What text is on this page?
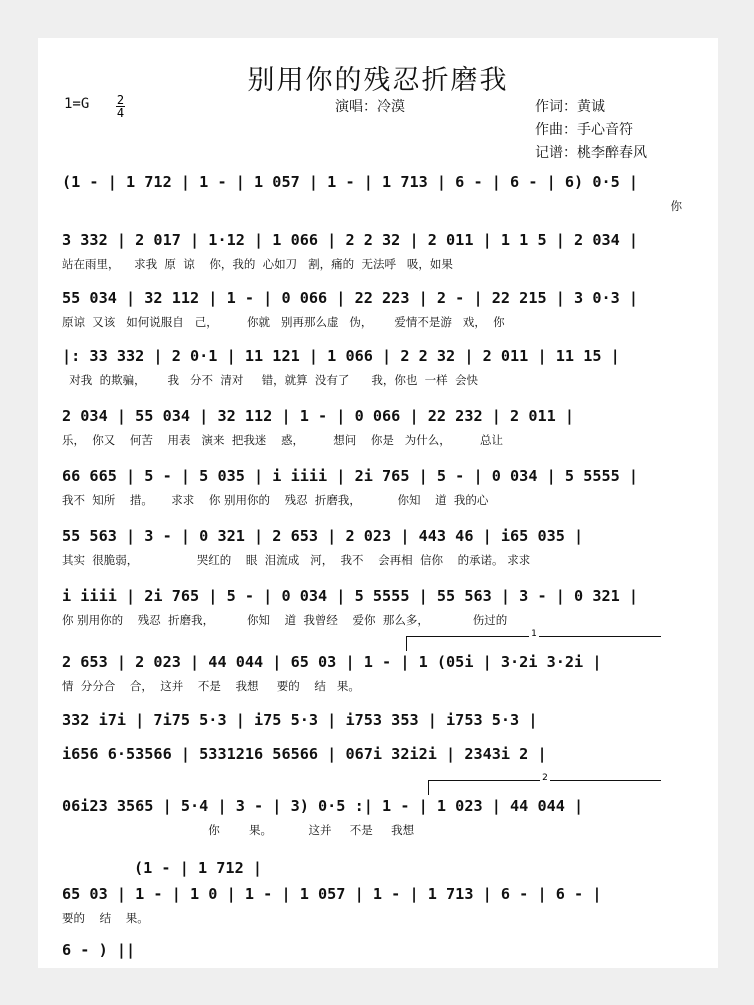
别用你的残忍折磨我
1=G 2
4	演唱：冷漠	作词：黄诚
作曲：手心音符
记谱：桃李醉春风
(1 - | 1 712 | 1 - | 1 057 | 1 - | 1 713 | 6 - | 6 - | 6) 0·5 |
你
3 332 | 2 017 | 1·12 | 1 066 | 2 2 32 | 2 011 | 1 1 5 | 2 034 |
站在雨里，    求我  原  谅    你，我的  心如刀   割，痛的  无法呼   吸，如果
55 034 | 32 112 | 1 - | 0 066 | 22 223 | 2 - | 22 215 | 3 0·3 |
原谅  又该   如何说服自   己，        你就   别再那么虚   伪，      爱情不是游   戏，  你
|: 33 332 | 2 0·1 | 11 121 | 1 066 | 2 2 32 | 2 011 | 11 15 |
对我  的欺骗，      我   分不  清对     错，就算  没有了      我，你也  一样  会快
2 034 | 55 034 | 32 112 | 1 - | 0 066 | 22 232 | 2 011 |
乐，  你又    何苦    用表   演来  把我迷    惑，        想问    你是   为什么，        总让
66 665 | 5 - | 5 035 | i iiii | 2i 765 | 5 - | 0 034 | 5 5555 |
我不  知所    措。     求求    你 别用你的    残忍  折磨我，          你知    道  我的心
55 563 | 3 - | 0 321 | 2 653 | 2 023 | 443 46 | i65 035 |
其实  很脆弱，                哭红的    眼  泪流成   河，  我不    会再相  信你    的承诺。 求求
i iiii | 2i 765 | 5 - | 0 034 | 5 5555 | 55 563 | 3 - | 0 321 |
你 别用你的    残忍  折磨我，         你知    道  我曾经    爱你  那么多，            伤过的
1
2 653 | 2 023 | 44 044 | 65 03 | 1 - | 1 (05i | 3·2i 3·2i |
情  分分合    合，  这并    不是    我想     要的    结   果。
332 i7i | 7i75 5·3 | i75 5·3 | i753 353 | i753 5·3 |
i656 6·53566 | 5331216 56566 | 067i 32i2i | 2343i 2 |
2
06i23 3565 | 5·4 | 3 - | 3) 0·5 :| 1 - | 1 023 | 44 044 |
你        果。          这并     不是     我想
(1 - | 1 712 |
65 03 | 1 - | 1 0 | 1 - | 1 057 | 1 - | 1 713 | 6 - | 6 - |
要的    结    果。
6 - ) ||
